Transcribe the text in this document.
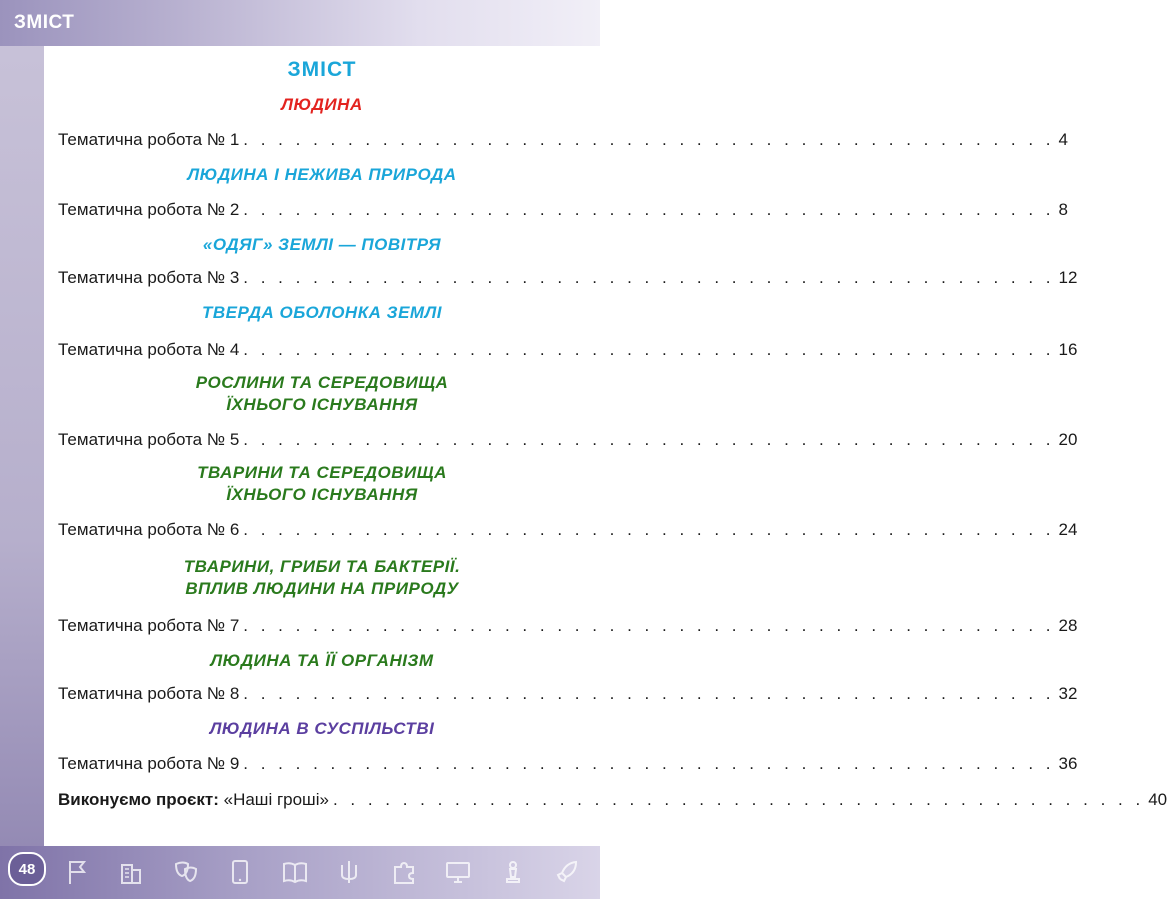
ЗМІСТ
ЗМІСТ
ЛЮДИНА
Тематична робота № 1 . . . . . . . . . . . . . . . . . . . . . . . . . . . . . . . . . . . . . . . . . . . . . . . 4
ЛЮДИНА І НЕЖИВА ПРИРОДА
Тематична робота № 2 . . . . . . . . . . . . . . . . . . . . . . . . . . . . . . . . . . . . . . . . . . . . . . . 8
«ОДЯГ» ЗЕМЛІ — ПОВІТРЯ
Тематична робота № 3 . . . . . . . . . . . . . . . . . . . . . . . . . . . . . . . . . . . . . . . . . . . . . . . 12
ТВЕРДА ОБОЛОНКА ЗЕМЛІ
Тематична робота № 4 . . . . . . . . . . . . . . . . . . . . . . . . . . . . . . . . . . . . . . . . . . . . . . . 16
РОСЛИНИ ТА СЕРЕДОВИЩА
ЇХНЬОГО ІСНУВАННЯ
Тематична робота № 5 . . . . . . . . . . . . . . . . . . . . . . . . . . . . . . . . . . . . . . . . . . . . . . . 20
ТВАРИНИ ТА СЕРЕДОВИЩА
ЇХНЬОГО ІСНУВАННЯ
Тематична робота № 6 . . . . . . . . . . . . . . . . . . . . . . . . . . . . . . . . . . . . . . . . . . . . . . . 24
ТВАРИНИ, ГРИБИ ТА БАКТЕРІЇ.
ВПЛИВ ЛЮДИНИ НА ПРИРОДУ
Тематична робота № 7 . . . . . . . . . . . . . . . . . . . . . . . . . . . . . . . . . . . . . . . . . . . . . . . 28
ЛЮДИНА ТА ЇЇ ОРГАНІЗМ
Тематична робота № 8 . . . . . . . . . . . . . . . . . . . . . . . . . . . . . . . . . . . . . . . . . . . . . . . 32
ЛЮДИНА В СУСПІЛЬСТВІ
Тематична робота № 9 . . . . . . . . . . . . . . . . . . . . . . . . . . . . . . . . . . . . . . . . . . . . . . . 36
Виконуємо проєкт: «Наші гроші» . . . . . . . . . . . . . . . . . . . . . . . . . . . . . . . . . . . . . . . . . . . . . . . 40
48
